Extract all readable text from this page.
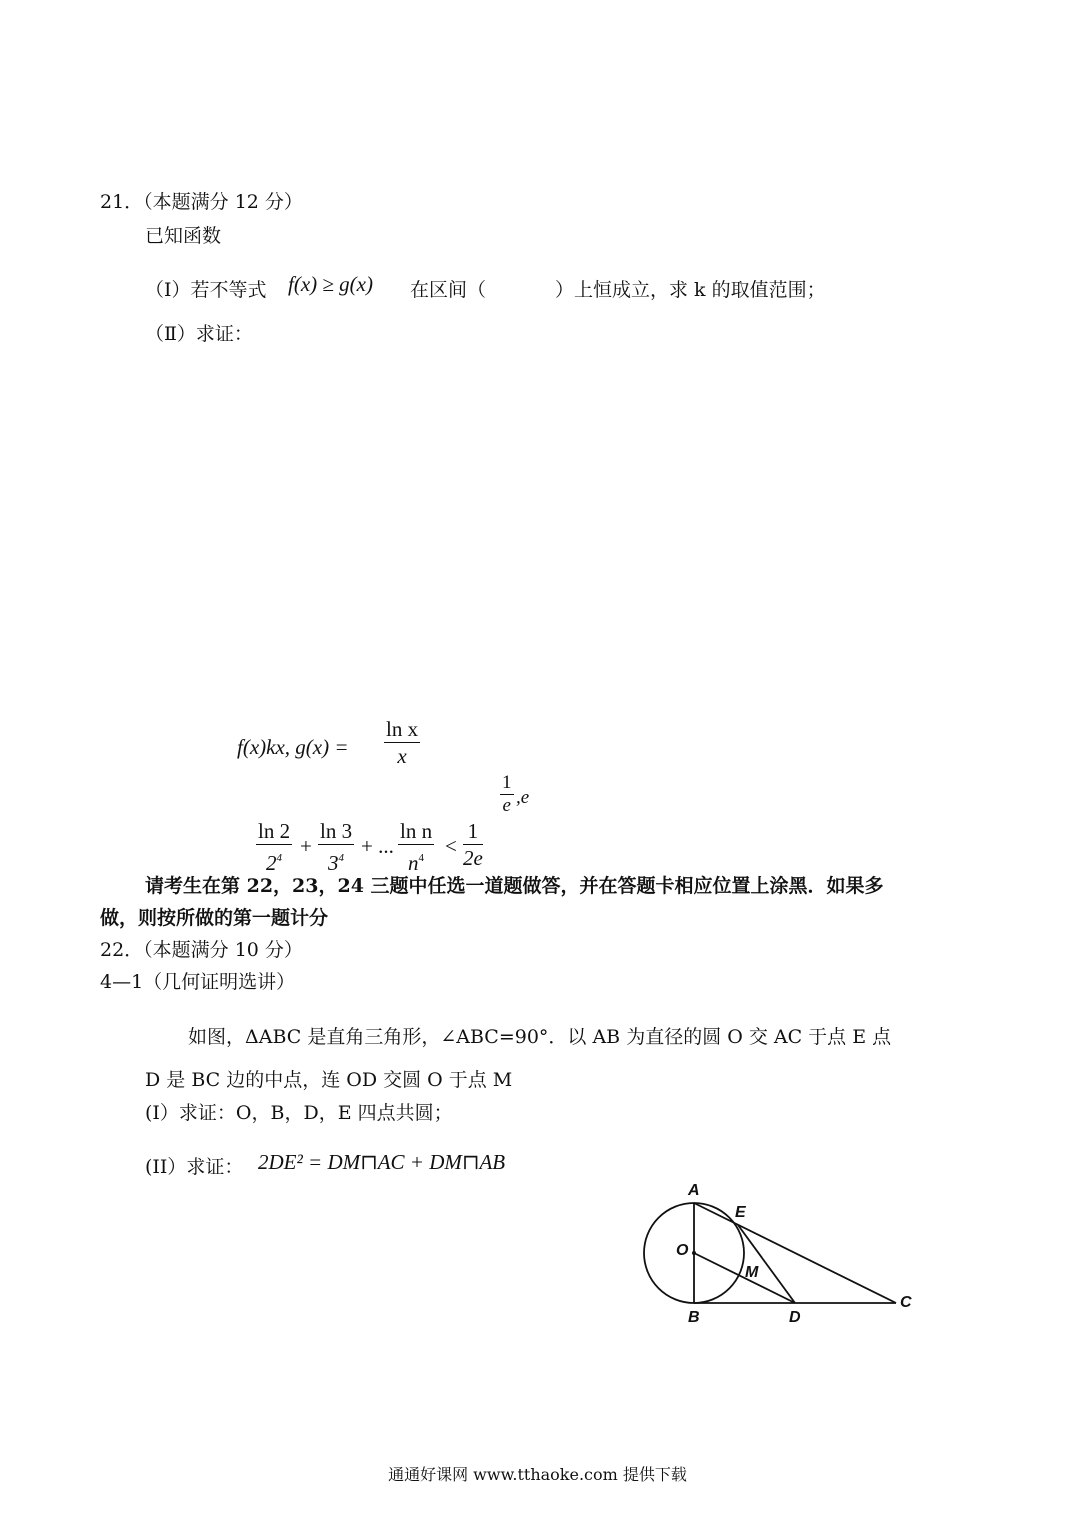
21．（本题满分 12 分）
已知函数
（I）若不等式 f(x) ≥ g(x) 在区间（	）上恒成立，求 k 的取值范围；
（Ⅱ）求证：
f(x)kx, g(x) =
ln x
x
1
e ,e
ln 2
$2^4$ +
ln 3
$3^4$ + ...
ln n
$n^4$ <
1
2e
请考生在第 22，23，24 三题中任选一道题做答，并在答题卡相应位置上涂黑．如果多
做，则按所做的第一题计分
22．（本题满分 10 分）
4—1（几何证明选讲）
如图，ΔABC 是直角三角形，∠ABC=90°．以 AB 为直径的圆 O 交 AC 于点 E 点
D 是 BC 边的中点，连 OD 交圆 O 于点 M
(I）求证：O，B，D，E 四点共圆；
(II）求证： 2DE² = DM⊓AC + DM⊓AB
A
E
O
M
B	D
C
通通好课网 www.tthaoke.com 提供下载
